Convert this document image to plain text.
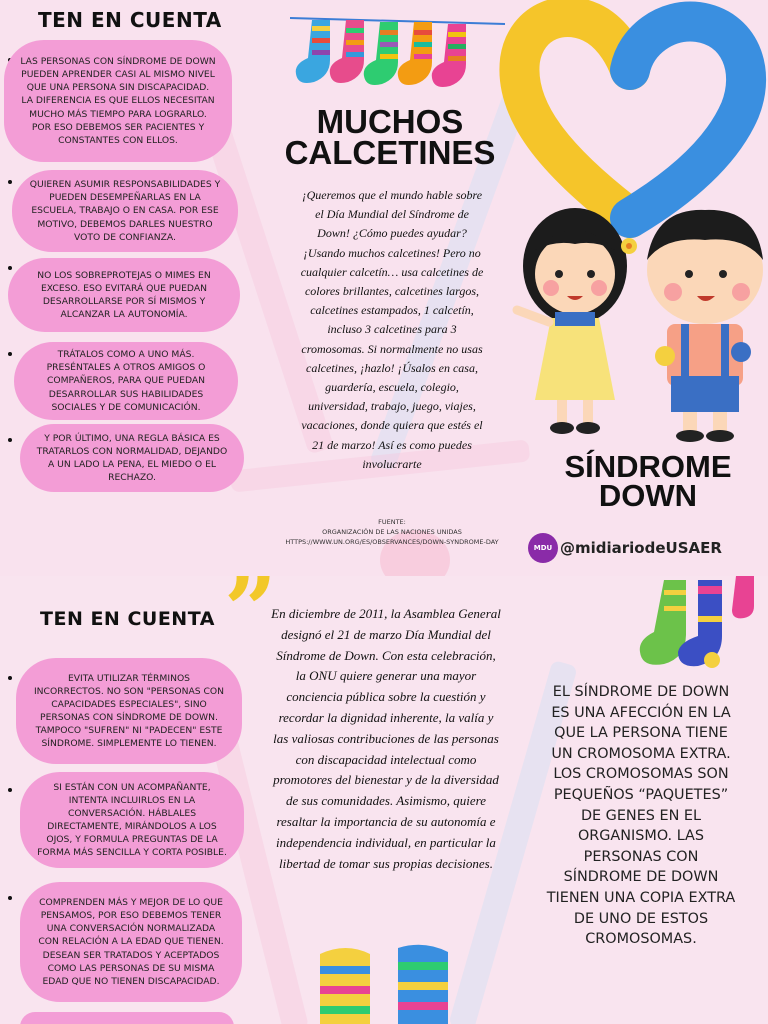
TEN EN CUENTA
LAS PERSONAS CON SÍNDROME DE DOWN PUEDEN APRENDER CASI AL MISMO NIVEL QUE UNA PERSONA SIN DISCAPACIDAD. LA DIFERENCIA ES QUE ELLOS NECESITAN MUCHO MÁS TIEMPO PARA LOGRARLO. POR ESO DEBEMOS SER PACIENTES Y CONSTANTES CON ELLOS.
QUIEREN ASUMIR RESPONSABILIDADES Y PUEDEN DESEMPEÑARLAS EN LA ESCUELA, TRABAJO O EN CASA. POR ESE MOTIVO, DEBEMOS DARLES NUESTRO VOTO DE CONFIANZA.
NO LOS SOBREPROTEJAS O MIMES EN EXCESO. ESO EVITARÁ QUE PUEDAN DESARROLLARSE POR SÍ MISMOS Y ALCANZAR LA AUTONOMÍA.
TRÁTALOS COMO A UNO MÁS. PRESÉNTALES A OTROS AMIGOS O COMPAÑEROS, PARA QUE PUEDAN DESARROLLAR SUS HABILIDADES SOCIALES Y DE COMUNICACIÓN.
Y POR ÚLTIMO, UNA REGLA BÁSICA ES TRATARLOS CON NORMALIDAD, DEJANDO A UN LADO LA PENA, EL MIEDO O EL RECHAZO.
MUCHOS
CALCETINES
¡Queremos que el mundo hable sobre el Día Mundial del Síndrome de Down! ¿Cómo puedes ayudar? ¡Usando muchos calcetines! Pero no cualquier calcetín… usa calcetines de colores brillantes, calcetines largos, calcetines estampados, 1 calcetín, incluso 3 calcetines para 3 cromosomas. Si normalmente no usas calcetines, ¡hazlo! ¡Úsalos en casa, guardería, escuela, colegio, universidad, trabajo, juego, viajes, vacaciones, donde quiera que estés el 21 de marzo! Así es como puedes involucrarte
FUENTE:
ORGANIZACIÓN DE LAS NACIONES UNIDAS
HTTPS://WWW.UN.ORG/ES/OBSERVANCES/DOWN-SYNDROME-DAY
SÍNDROME
DOWN
MDU @midiariodeUSAER
TEN EN CUENTA ”
EVITA UTILIZAR TÉRMINOS INCORRECTOS. NO SON "PERSONAS CON CAPACIDADES ESPECIALES", SINO PERSONAS CON SÍNDROME DE DOWN. TAMPOCO "SUFREN" NI "PADECEN" ESTE SÍNDROME. SIMPLEMENTE LO TIENEN.
SI ESTÁN CON UN ACOMPAÑANTE, INTENTA INCLUIRLOS EN LA CONVERSACIÓN. HÁBLALES DIRECTAMENTE, MIRÁNDOLOS A LOS OJOS, Y FORMULA PREGUNTAS DE LA FORMA MÁS SENCILLA Y CORTA POSIBLE.
COMPRENDEN MÁS Y MEJOR DE LO QUE PENSAMOS, POR ESO DEBEMOS TENER UNA CONVERSACIÓN NORMALIZADA CON RELACIÓN A LA EDAD QUE TIENEN. DESEAN SER TRATADOS Y ACEPTADOS COMO LAS PERSONAS DE SU MISMA EDAD QUE NO TIENEN DISCAPACIDAD.
En diciembre de 2011, la Asamblea General designó el 21 de marzo Día Mundial del Síndrome de Down. Con esta celebración, la ONU quiere generar una mayor conciencia pública sobre la cuestión y recordar la dignidad inherente, la valía y las valiosas contribuciones de las personas con discapacidad intelectual como promotores del bienestar y de la diversidad de sus comunidades. Asimismo, quiere resaltar la importancia de su autonomía e independencia individual, en particular la libertad de tomar sus propias decisiones.
EL SÍNDROME DE DOWN ES UNA AFECCIÓN EN LA QUE LA PERSONA TIENE UN CROMOSOMA EXTRA. LOS CROMOSOMAS SON PEQUEÑOS “PAQUETES” DE GENES EN EL ORGANISMO. LAS PERSONAS CON SÍNDROME DE DOWN TIENEN UNA COPIA EXTRA DE UNO DE ESTOS CROMOSOMAS.
